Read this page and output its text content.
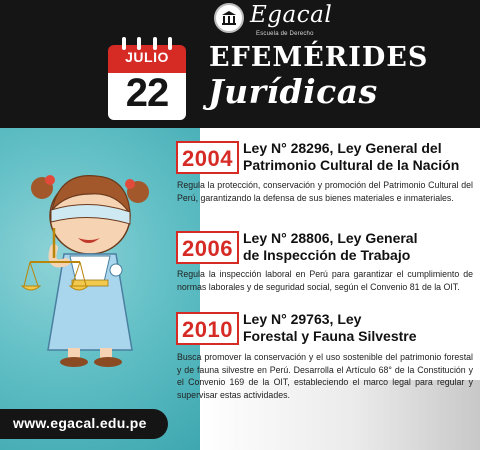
Egacal
Escuela de Derecho
JULIO
22
EFEMÉRIDES
Jurídicas
2004 Ley N° 28296, Ley General del Patrimonio Cultural de la Nación
Regula la protección, conservación y promoción del Patrimonio Cultural del Perú, garantizando la defensa de sus bienes materiales e inmateriales.
2006 Ley N° 28806, Ley General de Inspección de Trabajo
Regula la inspección laboral en Perú para garantizar el cumplimiento de normas laborales y de seguridad social, según el Convenio 81 de la OIT.
2010 Ley N° 29763, Ley Forestal y Fauna Silvestre
Busca promover la conservación y el uso sostenible del patrimonio forestal y de fauna silvestre en Perú. Desarrolla el Artículo 68° de la Constitución y el Convenio 169 de la OIT, estableciendo el marco legal para regular y supervisar estas actividades.
www.egacal.edu.pe
